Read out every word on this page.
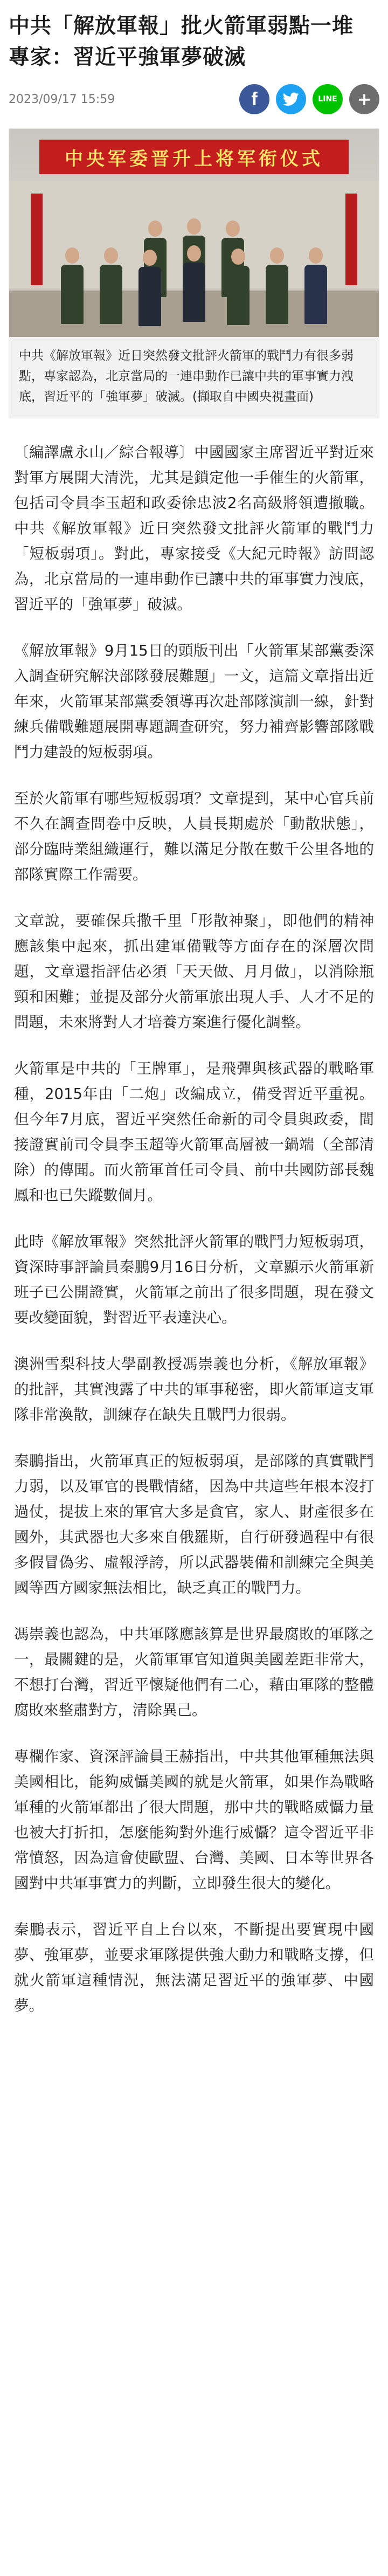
中共「解放軍報」批火箭軍弱點一堆 專家：習近平強軍夢破滅
2023/09/17 15:59	f	LINE +
中央军委晋升上将军衔仪式
中共《解放軍報》近日突然發文批評火箭軍的戰鬥力有很多弱點，專家認為，北京當局的一連串動作已讓中共的軍事實力洩底，習近平的「強軍夢」破滅。(擷取自中國央視畫面)

〔編譯盧永山／綜合報導〕中國國家主席習近平對近來對軍方展開大清洗，尤其是鎖定他一手催生的火箭軍，包括司令員李玉超和政委徐忠波2名高級將領遭撤職。中共《解放軍報》近日突然發文批評火箭軍的戰鬥力「短板弱項」。對此，專家接受《大紀元時報》訪問認為，北京當局的一連串動作已讓中共的軍事實力洩底，習近平的「強軍夢」破滅。

《解放軍報》9月15日的頭版刊出「火箭軍某部黨委深入調查研究解決部隊發展難題」一文，這篇文章指出近年來，火箭軍某部黨委領導再次赴部隊演訓一線，針對練兵備戰難題展開專題調查研究，努力補齊影響部隊戰鬥力建設的短板弱項。

至於火箭軍有哪些短板弱項？文章提到，某中心官兵前不久在調查問卷中反映，人員長期處於「動散狀態」，部分臨時業組織運行，難以滿足分散在數千公里各地的部隊實際工作需要。

文章說，要確保兵撒千里「形散神聚」，即他們的精神應該集中起來，抓出建軍備戰等方面存在的深層次問題，文章還指評估必須「天天做、月月做」，以消除瓶頸和困難；並提及部分火箭軍旅出現人手、人才不足的問題，未來將對人才培養方案進行優化調整。

火箭軍是中共的「王牌軍」，是飛彈與核武器的戰略軍種，2015年由「二炮」改編成立，備受習近平重視。但今年7月底，習近平突然任命新的司令員與政委，間接證實前司令員李玉超等火箭軍高層被一鍋端（全部清除）的傳聞。而火箭軍首任司令員、前中共國防部長魏鳳和也已失蹤數個月。

此時《解放軍報》突然批評火箭軍的戰鬥力短板弱項，資深時事評論員秦鵬9月16日分析，文章顯示火箭軍新班子已公開證實，火箭軍之前出了很多問題，現在發文要改變面貌，對習近平表達決心。

澳洲雪梨科技大學副教授馮崇義也分析，《解放軍報》的批評，其實洩露了中共的軍事秘密，即火箭軍這支軍隊非常渙散，訓練存在缺失且戰鬥力很弱。

秦鵬指出，火箭軍真正的短板弱項，是部隊的真實戰鬥力弱，以及軍官的畏戰情緒，因為中共這些年根本沒打過仗，提拔上來的軍官大多是貪官，家人、財產很多在國外，其武器也大多來自俄羅斯，自行研發過程中有很多假冒偽劣、虛報浮誇，所以武器裝備和訓練完全與美國等西方國家無法相比，缺乏真正的戰鬥力。

馮崇義也認為，中共軍隊應該算是世界最腐敗的軍隊之一，最關鍵的是，火箭軍軍官知道與美國差距非常大，不想打台灣，習近平懷疑他們有二心，藉由軍隊的整體腐敗來整肅對方，清除異己。

專欄作家、資深評論員王赫指出，中共其他軍種無法與美國相比，能夠威懾美國的就是火箭軍，如果作為戰略軍種的火箭軍都出了很大問題，那中共的戰略威懾力量也被大打折扣，怎麼能夠對外進行威懾？這令習近平非常憤怒，因為這會使歐盟、台灣、美國、日本等世界各國對中共軍事實力的判斷，立即發生很大的變化。

秦鵬表示，習近平自上台以來，不斷提出要實現中國夢、強軍夢，並要求軍隊提供強大動力和戰略支撐，但就火箭軍這種情況，無法滿足習近平的強軍夢、中國夢。
